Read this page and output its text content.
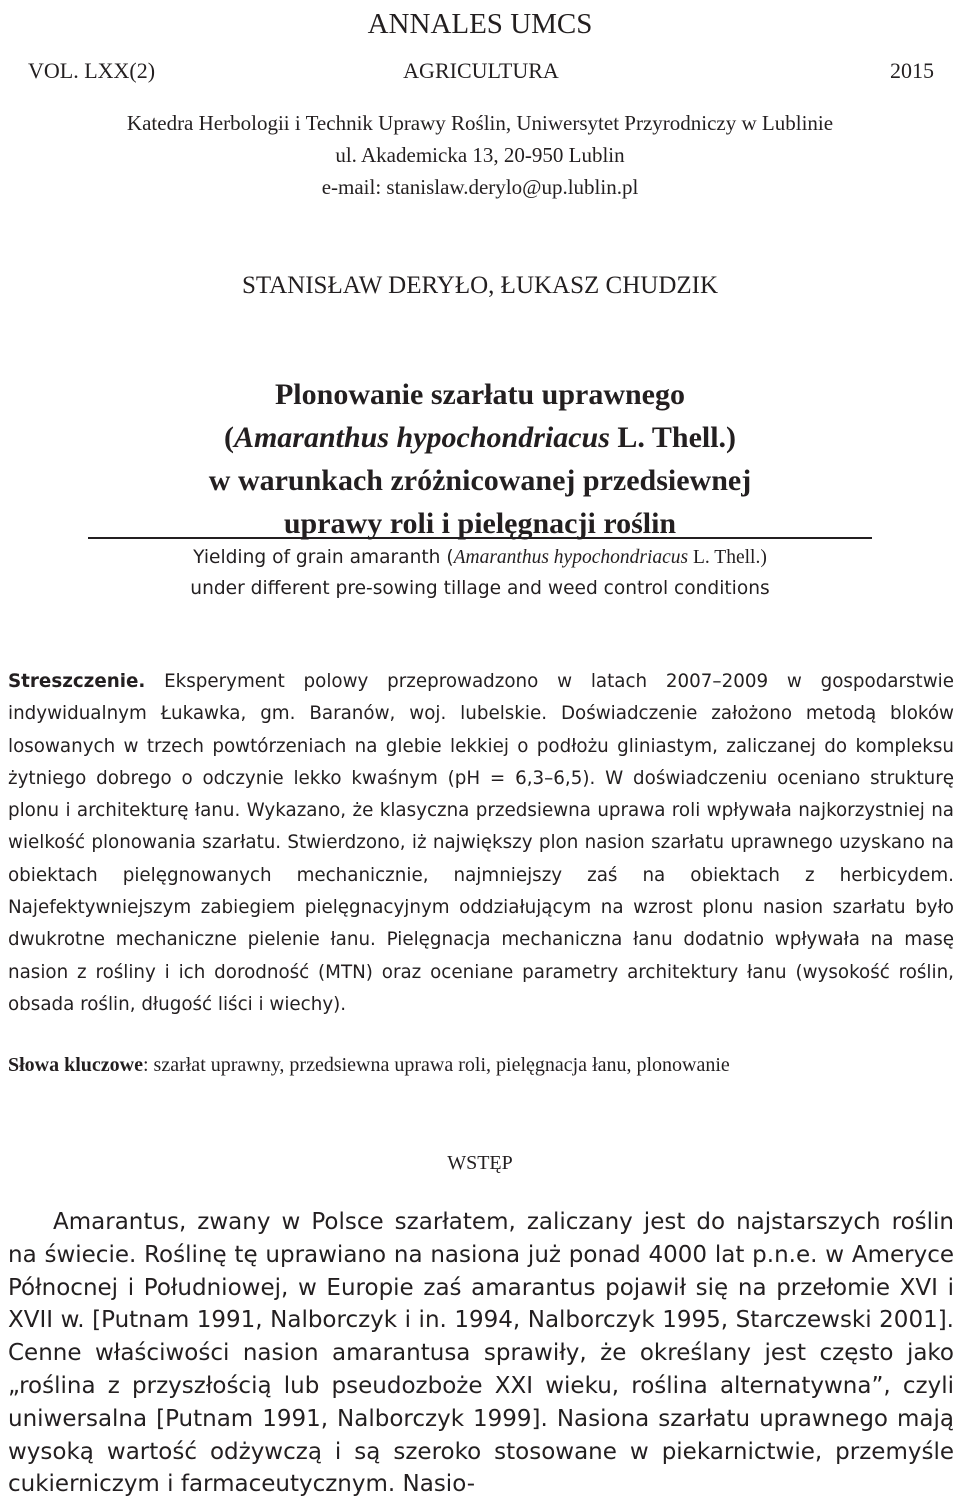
ANNALES UMCS
VOL. LXX(2)	AGRICULTURA	2015
Katedra Herbologii i Technik Uprawy Roślin, Uniwersytet Przyrodniczy w Lublinie
ul. Akademicka 13, 20-950 Lublin
e-mail: stanislaw.derylo@up.lublin.pl
STANISŁAW DERYŁO, ŁUKASZ CHUDZIK
Plonowanie szarłatu uprawnego
(Amaranthus hypochondriacus L. Thell.)
w warunkach zróżnicowanej przedsiewnej
uprawy roli i pielęgnacji roślin
Yielding of grain amaranth (Amaranthus hypochondriacus L. Thell.)
under different pre-sowing tillage and weed control conditions
Streszczenie. Eksperyment polowy przeprowadzono w latach 2007–2009 w gospodarstwie indywidualnym Łukawka, gm. Baranów, woj. lubelskie. Doświadczenie założono metodą bloków losowanych w trzech powtórzeniach na glebie lekkiej o podłożu gliniastym, zaliczanej do kompleksu żytniego dobrego o odczynie lekko kwaśnym (pH = 6,3–6,5). W doświadczeniu oceniano strukturę plonu i architekturę łanu. Wykazano, że klasyczna przedsiewna uprawa roli wpływała najkorzystniej na wielkość plonowania szarłatu. Stwierdzono, iż największy plon nasion szarłatu uprawnego uzyskano na obiektach pielęgnowanych mechanicznie, najmniejszy zaś na obiektach z herbicydem. Najefektywniejszym zabiegiem pielęgnacyjnym oddziałującym na wzrost plonu nasion szarłatu było dwukrotne mechaniczne pielenie łanu. Pielęgnacja mechaniczna łanu dodatnio wpływała na masę nasion z rośliny i ich dorodność (MTN) oraz oceniane parametry architektury łanu (wysokość roślin, obsada roślin, długość liści i wiechy).
Słowa kluczowe: szarłat uprawny, przedsiewna uprawa roli, pielęgnacja łanu, plonowanie
WSTĘP
Amarantus, zwany w Polsce szarłatem, zaliczany jest do najstarszych roślin na świecie. Roślinę tę uprawiano na nasiona już ponad 4000 lat p.n.e. w Ameryce Północnej i Południowej, w Europie zaś amarantus pojawił się na przełomie XVI i XVII w. [Putnam 1991, Nalborczyk i in. 1994, Nalborczyk 1995, Starczewski 2001]. Cenne właściwości nasion amarantusa sprawiły, że określany jest często jako „roślina z przyszłością lub pseudozboże XXI wieku, roślina alternatywna”, czyli uniwersalna [Putnam 1991, Nalborczyk 1999]. Nasiona szarłatu uprawnego mają wysoką wartość odżywczą i są szeroko stosowane w piekarnictwie, przemyśle cukierniczym i farmaceutycznym. Nasio-
